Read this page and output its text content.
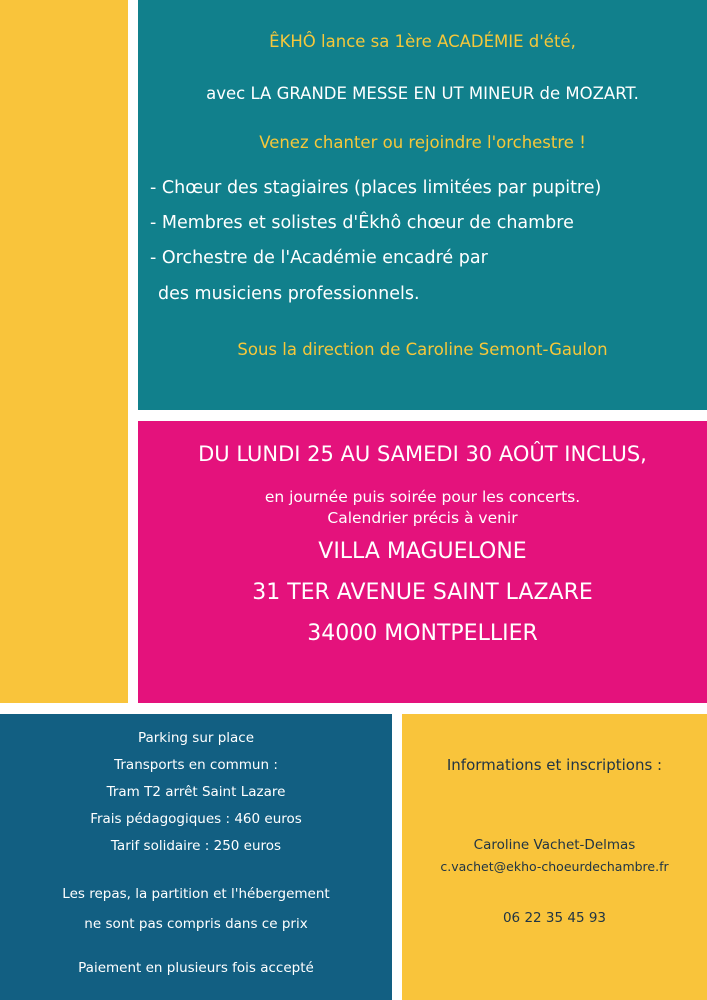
ÊKHÔ lance sa 1ère ACADÉMIE d'été,

avec LA GRANDE MESSE EN UT MINEUR de MOZART.

Venez chanter ou rejoindre l'orchestre !

- Chœur des stagiaires (places limitées par pupitre)

- Membres et solistes d'Êkhô chœur de chambre

- Orchestre de l'Académie encadré par

des musiciens professionnels.

Sous la direction de Caroline Semont-Gaulon

DU LUNDI 25 AU SAMEDI 30 AOÛT INCLUS,

en journée puis soirée pour les concerts.

Calendrier précis à venir

VILLA MAGUELONE

31 TER AVENUE SAINT LAZARE

34000 MONTPELLIER

Parking sur place

Transports en commun :

Tram T2 arrêt Saint Lazare

Frais pédagogiques : 460 euros

Tarif solidaire : 250 euros

Les repas, la partition et l'hébergement

ne sont pas compris dans ce prix

Paiement en plusieurs fois accepté

Informations et inscriptions :

Caroline Vachet-Delmas

c.vachet@ekho-choeurdechambre.fr

06 22 35 45 93
